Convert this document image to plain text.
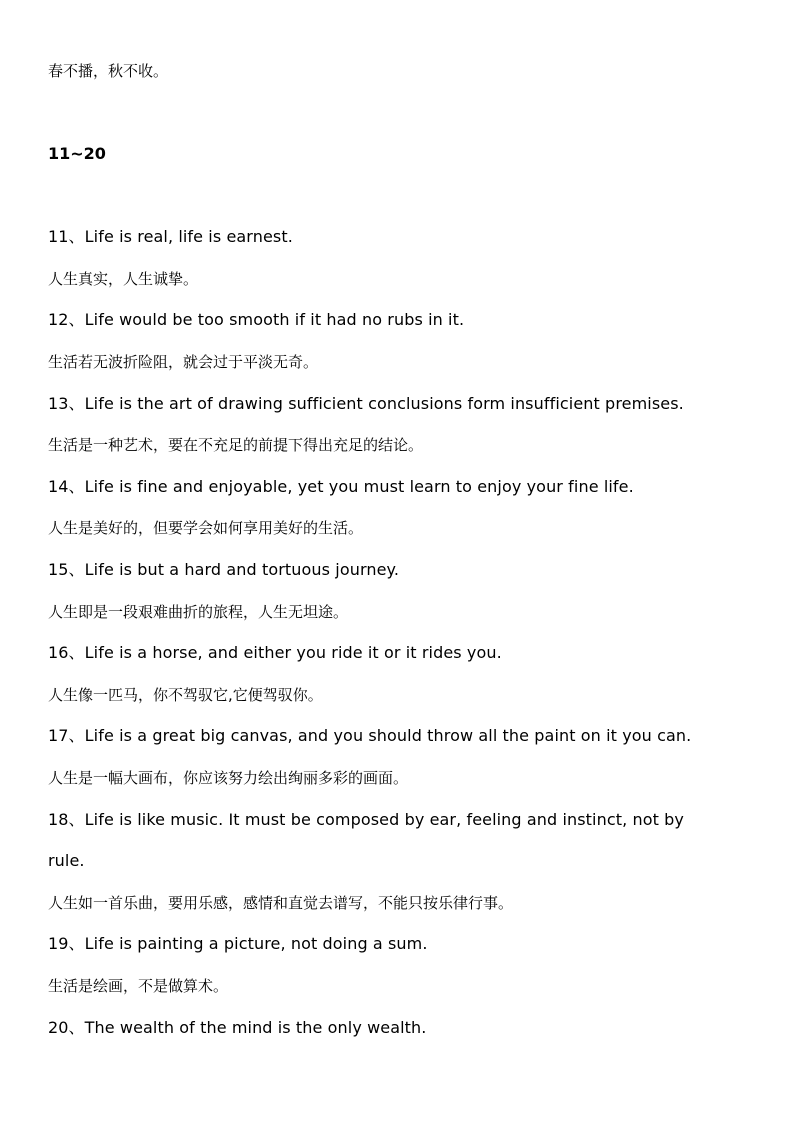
春不播，秋不收。
11~20
11、Life is real, life is earnest.
人生真实，人生诚挚。
12、Life would be too smooth if it had no rubs in it.
生活若无波折险阻，就会过于平淡无奇。
13、Life is the art of drawing sufficient conclusions form insufficient premises.
生活是一种艺术，要在不充足的前提下得出充足的结论。
14、Life is fine and enjoyable, yet you must learn to enjoy your fine life.
人生是美好的，但要学会如何享用美好的生活。
15、Life is but a hard and tortuous journey.
人生即是一段艰难曲折的旅程，人生无坦途。
16、Life is a horse, and either you ride it or it rides you.
人生像一匹马，你不驾驭它,它便驾驭你。
17、Life is a great big canvas, and you should throw all the paint on it you can.
人生是一幅大画布，你应该努力绘出绚丽多彩的画面。
18、Life is like music. It must be composed by ear, feeling and instinct, not by
rule.
人生如一首乐曲，要用乐感，感情和直觉去谱写，不能只按乐律行事。
19、Life is painting a picture, not doing a sum.
生活是绘画，不是做算术。
20、The wealth of the mind is the only wealth.
